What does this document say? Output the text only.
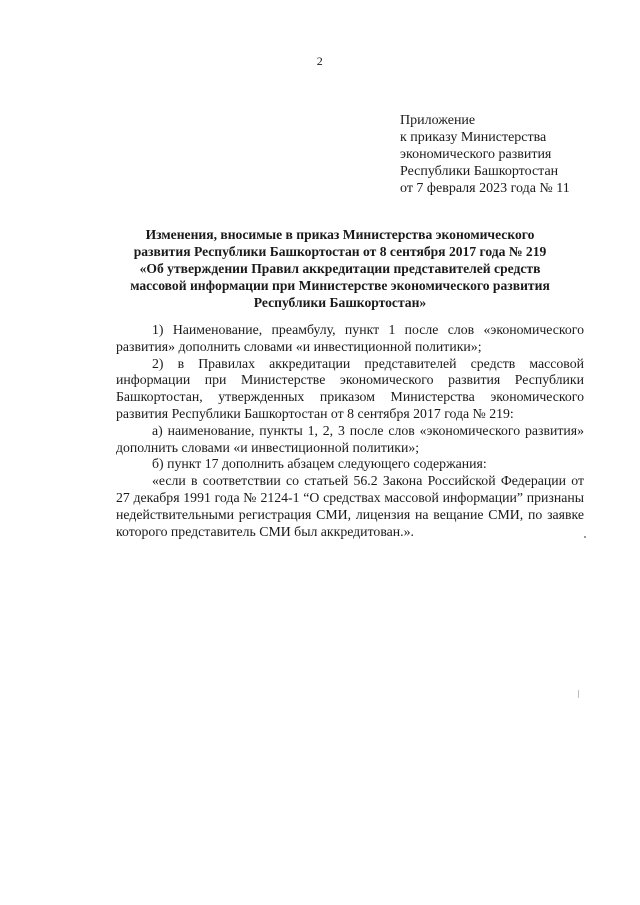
2
Приложение
к приказу Министерства
экономического развития
Республики Башкортостан
от 7 февраля 2023 года № 11
Изменения, вносимые в приказ Министерства экономического
развития Республики Башкортостан от 8 сентября 2017 года № 219
«Об утверждении Правил аккредитации представителей средств
массовой информации при Министерстве экономического развития
Республики Башкортостан»

1) Наименование, преамбулу, пункт 1 после слов «экономического развития» дополнить словами «и инвестиционной политики»;

2) в Правилах аккредитации представителей средств массовой информации при Министерстве экономического развития Республики Башкортостан, утвержденных приказом Министерства экономического развития Республики Башкортостан от 8 сентября 2017 года № 219:

а) наименование, пункты 1, 2, 3 после слов «экономического развития» дополнить словами «и инвестиционной политики»;

б) пункт 17 дополнить абзацем следующего содержания:

«если в соответствии со статьей 56.2 Закона Российской Федерации от 27 декабря 1991 года № 2124-1 “О средствах массовой информации” признаны недействительными регистрация СМИ, лицензия на вещание СМИ, по заявке которого представитель СМИ был аккредитован.».
